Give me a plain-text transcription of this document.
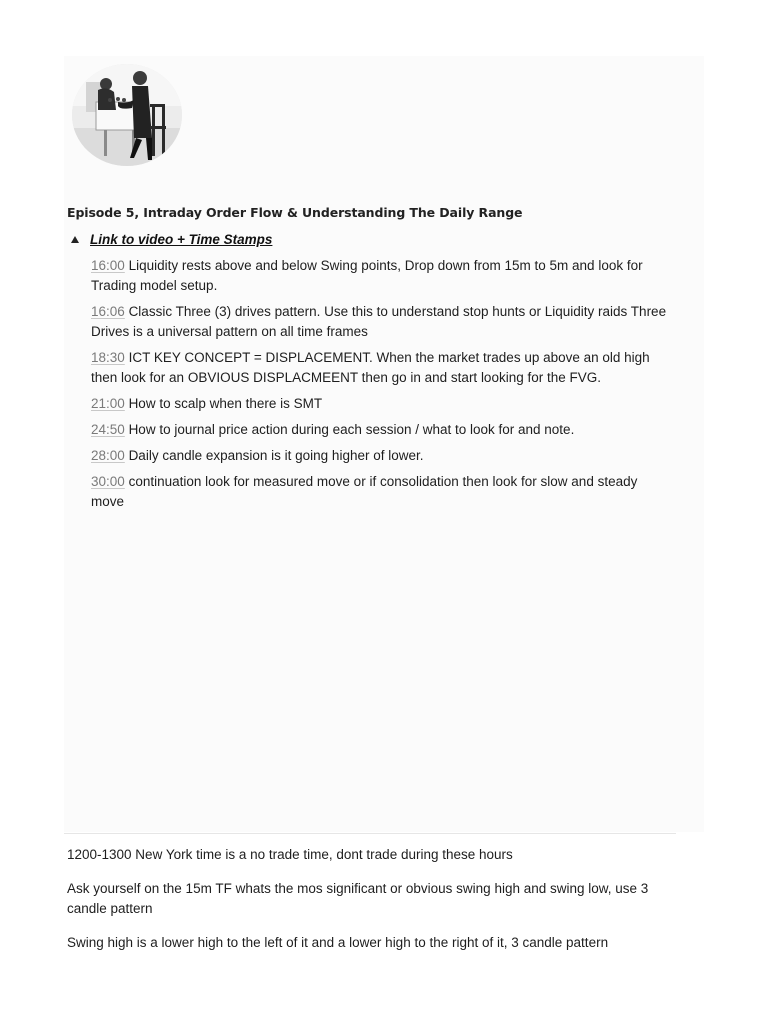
Episode 5, Intraday Order Flow & Understanding The Daily Range
Link to video + Time Stamps
16:00 Liquidity rests above and below Swing points, Drop down from 15m to 5m and look for Trading model setup.
16:06 Classic Three (3) drives pattern. Use this to understand stop hunts or Liquidity raids Three Drives is a universal pattern on all time frames
18:30 ICT KEY CONCEPT = DISPLACEMENT. When the market trades up above an old high then look for an OBVIOUS DISPLACMEENT then go in and start looking for the FVG.
21:00 How to scalp when there is SMT
24:50 How to journal price action during each session / what to look for and note.
28:00 Daily candle expansion is it going higher of lower.
30:00 continuation look for measured move or if consolidation then look for slow and steady move

1200-1300 New York time is a no trade time, dont trade during these hours

Ask yourself on the 15m TF whats the mos significant or obvious swing high and swing low, use 3 candle pattern

Swing high is a lower high to the left of it and a lower high to the right of it, 3 candle pattern
